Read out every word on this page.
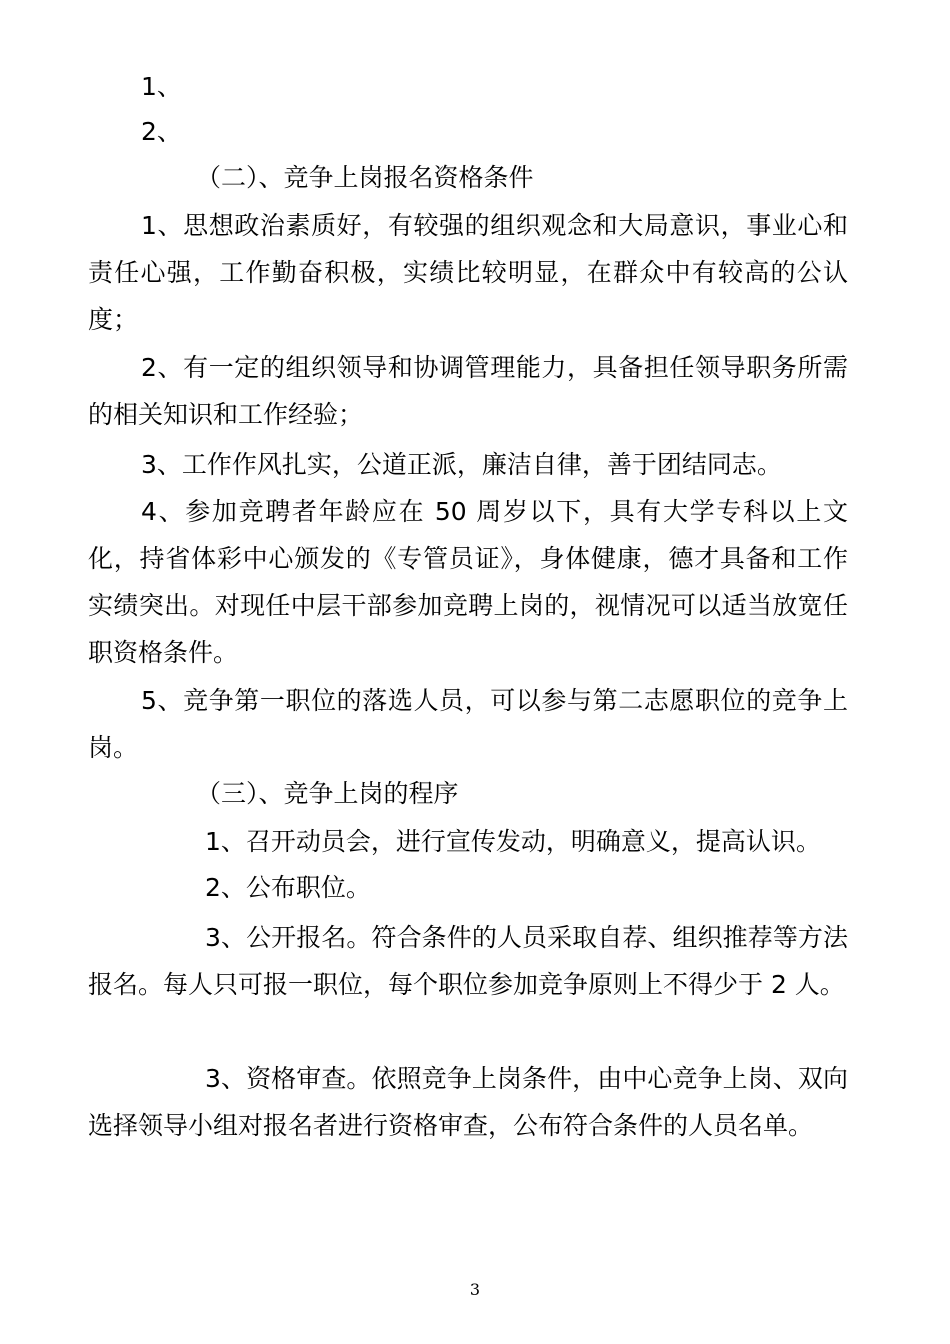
1、

2、

（二）、竞争上岗报名资格条件

1、思想政治素质好，有较强的组织观念和大局意识，事业心和责任心强，工作勤奋积极，实绩比较明显，在群众中有较高的公认度；

2、有一定的组织领导和协调管理能力，具备担任领导职务所需的相关知识和工作经验；

3、工作作风扎实，公道正派，廉洁自律，善于团结同志。

4、参加竞聘者年龄应在 50 周岁以下，具有大学专科以上文化，持省体彩中心颁发的《专管员证》，身体健康，德才具备和工作实绩突出。对现任中层干部参加竞聘上岗的，视情况可以适当放宽任职资格条件。

5、竞争第一职位的落选人员，可以参与第二志愿职位的竞争上岗。

（三）、竞争上岗的程序

1、召开动员会，进行宣传发动，明确意义，提高认识。

2、公布职位。

3、公开报名。符合条件的人员采取自荐、组织推荐等方法报名。每人只可报一职位，每个职位参加竞争原则上不得少于 2 人。

3、资格审查。依照竞争上岗条件，由中心竞争上岗、双向选择领导小组对报名者进行资格审查，公布符合条件的人员名单。

3
